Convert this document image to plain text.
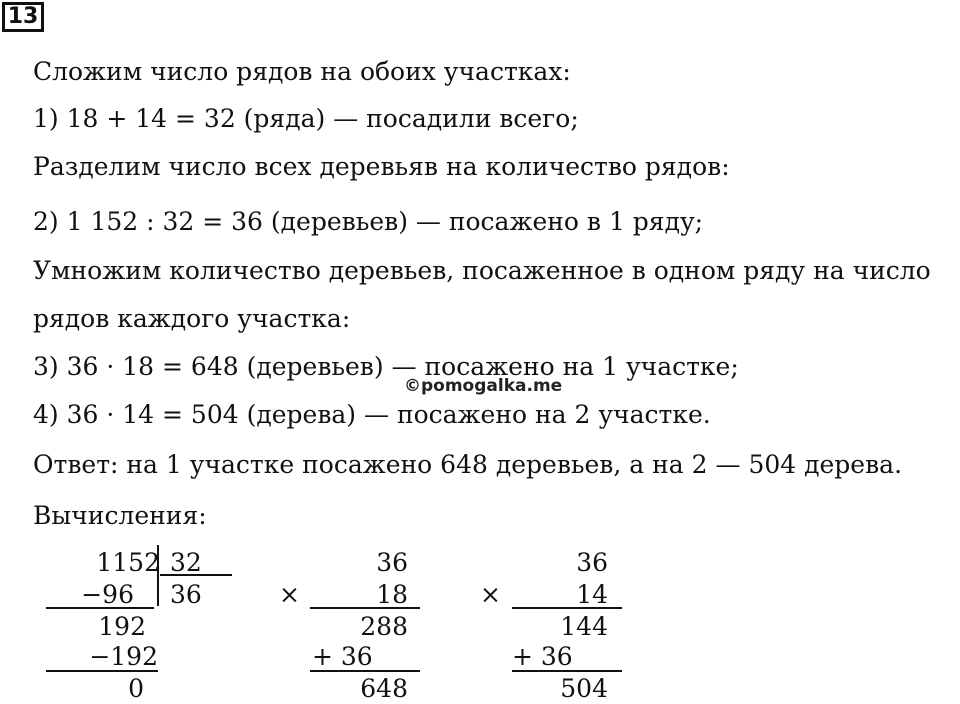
13
Сложим число рядов на обоих участках:
1) 18 + 14 = 32 (ряда) — посадили всего;
Разделим число всех деревьяв на количество рядов:
2) 1 152 : 32 = 36 (деревьев) — посажено в 1 ряду;
Умножим количество деревьев, посаженное в одном ряду на число
рядов каждого участка:
3) 36 · 18 = 648 (деревьев) — посажено на 1 участке;
4) 36 · 14 = 504 (дерева) — посажено на 2 участке.
Ответ: на 1 участке посажено 648 деревьев, а на 2 — 504 дерева.
Вычисления:
©pomogalka.me
1152 32
36
−96
192
−192
0
×
36
18
288
+ 36
648
×
36
14
144
+ 36
504
